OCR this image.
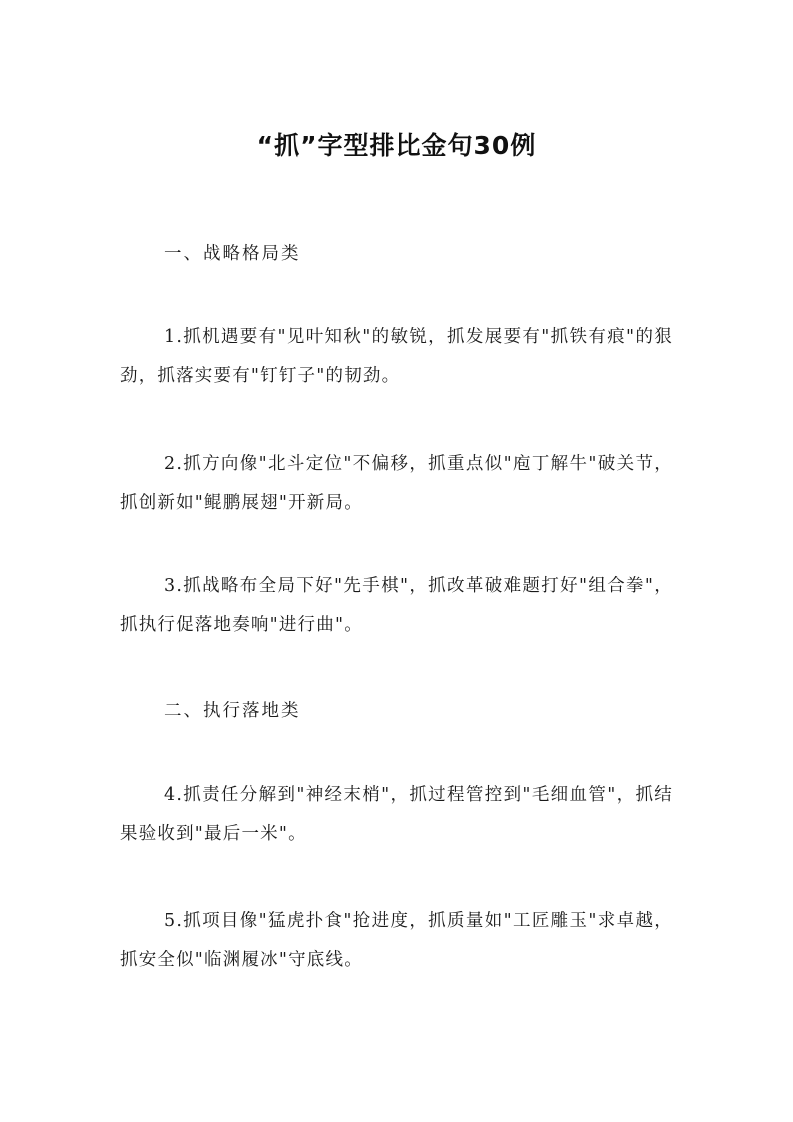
“抓”字型排比金句30例

一、战略格局类

1.抓机遇要有"见叶知秋"的敏锐，抓发展要有"抓铁有痕"的狠劲，抓落实要有"钉钉子"的韧劲。

2.抓方向像"北斗定位"不偏移，抓重点似"庖丁解牛"破关节，抓创新如"鲲鹏展翅"开新局。

3.抓战略布全局下好"先手棋"，抓改革破难题打好"组合拳"，抓执行促落地奏响"进行曲"。

二、执行落地类

4.抓责任分解到"神经末梢"，抓过程管控到"毛细血管"，抓结果验收到"最后一米"。

5.抓项目像"猛虎扑食"抢进度，抓质量如"工匠雕玉"求卓越，抓安全似"临渊履冰"守底线。
